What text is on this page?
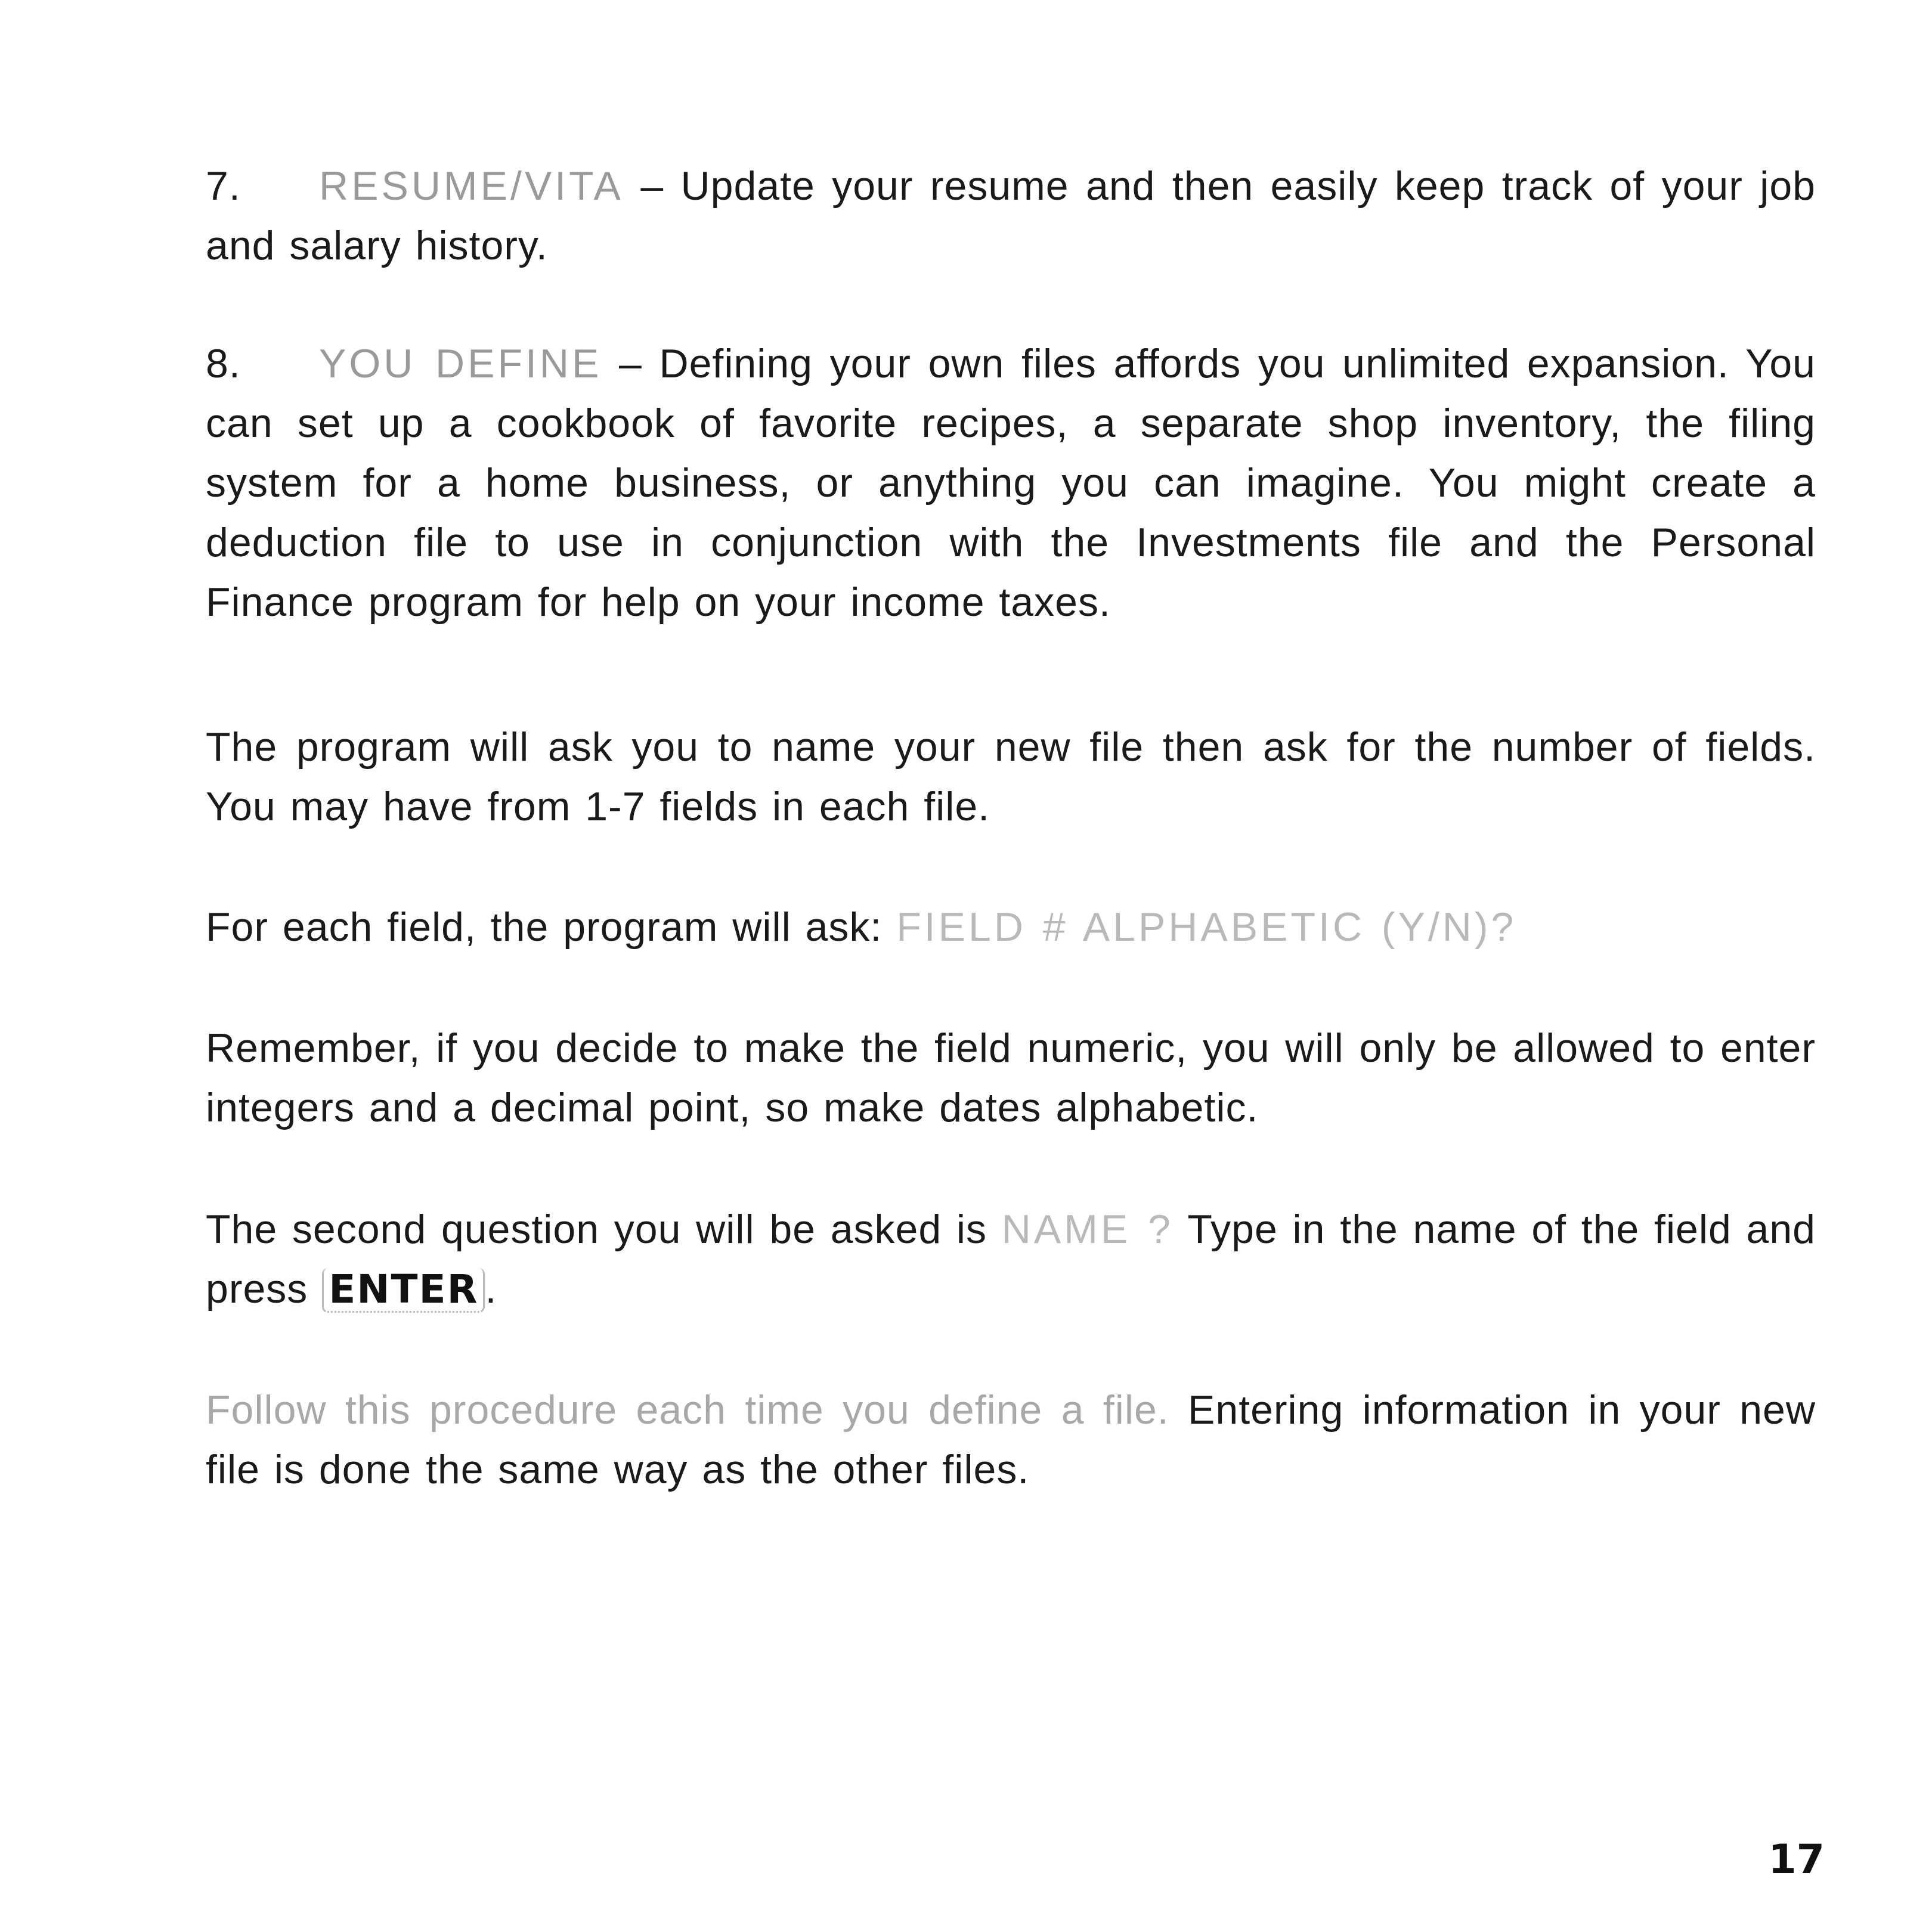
7. RESUME/VITA – Update your resume and then easily keep track of your job and salary history.

8. YOU DEFINE – Defining your own files affords you unlimited expansion. You can set up a cookbook of favorite recipes, a separate shop inventory, the filing system for a home business, or anything you can imagine. You might create a deduction file to use in conjunction with the Investments file and the Personal Finance program for help on your income taxes.

The program will ask you to name your new file then ask for the number of fields. You may have from 1-7 fields in each file.

For each field, the program will ask: FIELD # ALPHABETIC (Y/N)?

Remember, if you decide to make the field numeric, you will only be allowed to enter integers and a decimal point, so make dates alphabetic.

The second question you will be asked is NAME ? Type in the name of the field and press ENTER .

Follow this procedure each time you define a file. Entering information in your new file is done the same way as the other files.

17
